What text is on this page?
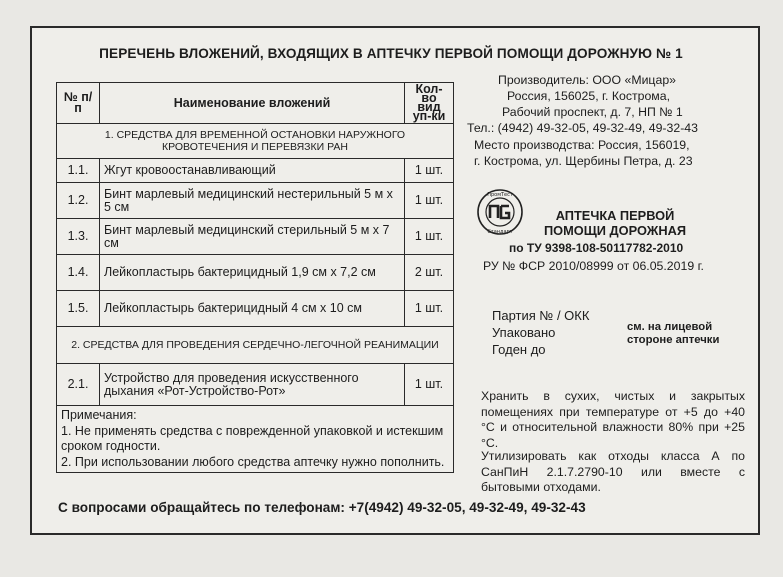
ПЕРЕЧЕНЬ ВЛОЖЕНИЙ, ВХОДЯЩИХ В АПТЕЧКУ ПЕРВОЙ ПОМОЩИ ДОРОЖНУЮ № 1
№ п/п	Наименование вложений	Кол-во вид уп-ки
1. СРЕДСТВА ДЛЯ ВРЕМЕННОЙ ОСТАНОВКИ НАРУЖНОГО КРОВОТЕЧЕНИЯ И ПЕРЕВЯЗКИ РАН		
1.1.	Жгут кровоостанавливающий	1 шт.
1.2.	Бинт марлевый медицинский нестерильный 5 м х 5 см	1 шт.
1.3.	Бинт марлевый медицинский стерильный 5 м х 7 см	1 шт.
1.4.	Лейкопластырь бактерицидный 1,9 см х 7,2 см	2 шт.
1.5.	Лейкопластырь бактерицидный 4 см х 10 см	1 шт.
2. СРЕДСТВА ДЛЯ ПРОВЕДЕНИЯ СЕРДЕЧНО-ЛЕГОЧНОЙ РЕАНИМАЦИИ		
2.1.	Устройство для проведения искусственного дыхания «Рот-Устройство-Рот»	1 шт.

Примечания:
1. Не применять средства с поврежденной упаковкой и истекшим сроком годности.
2. При использовании любого средства аптечку нужно пополнить.		
Производитель: ООО «Мицар»
Россия, 156025, г. Кострома,
Рабочий проспект, д. 7, НП № 1
Тел.: (4942) 49-32-05, 49-32-49, 49-32-43
Место производства: Россия, 156019,
г. Кострома, ул. Щербины Петра, д. 23
ПромТест
Стандарт
АПТЕЧКА ПЕРВОЙ
ПОМОЩИ ДОРОЖНАЯ
по ТУ 9398-108-50117782-2010
РУ № ФСР 2010/08999 от 06.05.2019 г.
Партия № / ОКК
Упаковано
Годен до
см. на лицевой
стороне аптечки
Хранить в сухих, чистых и закрытых помещениях при температуре от +5 до +40 °С и относительной влажности 80% при +25 °С.
Утилизировать как отходы класса А по СанПиН 2.1.7.2790-10 или вместе с бытовыми отходами.
С вопросами обращайтесь по телефонам: +7(4942) 49-32-05, 49-32-49, 49-32-43
